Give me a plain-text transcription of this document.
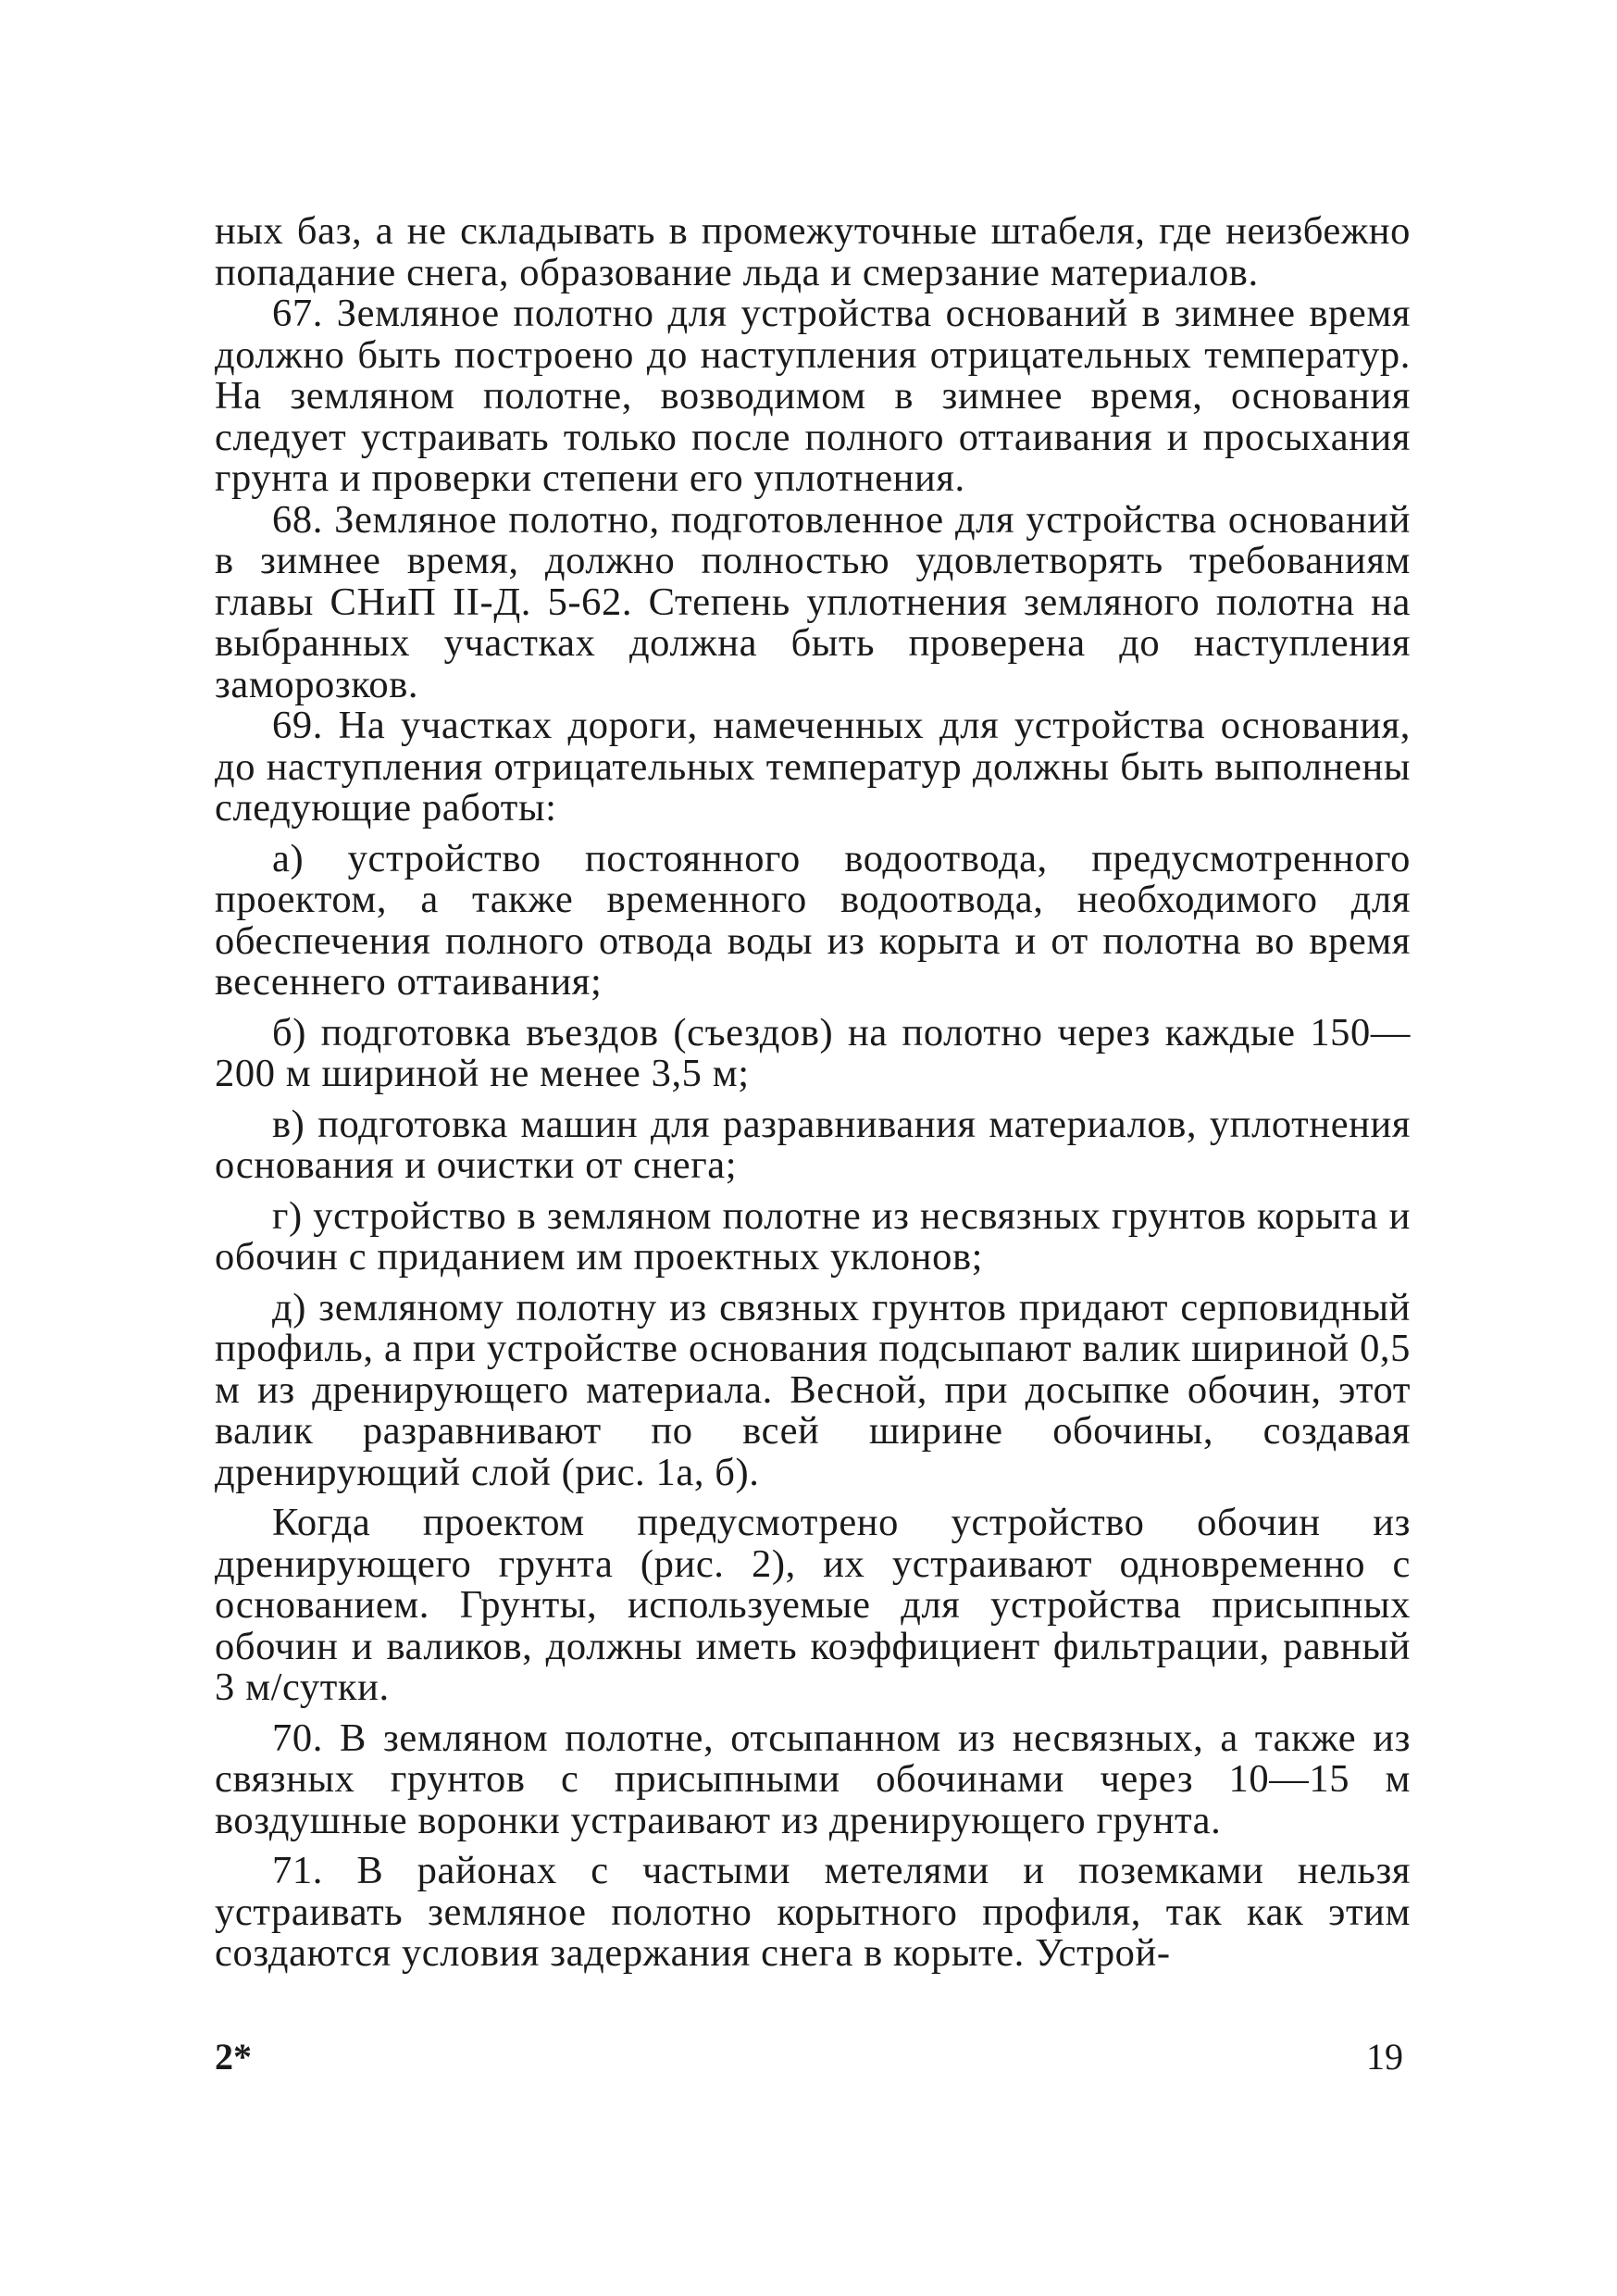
ных баз, а не складывать в промежуточные штабеля, где неизбежно попадание снега, образование льда и смерзание материалов.

67. Земляное полотно для устройства оснований в зимнее время должно быть построено до наступления отрицательных температур. На земляном полотне, возводимом в зимнее время, основания следует устраивать только после полного оттаивания и просыхания грунта и проверки степени его уплотнения.

68. Земляное полотно, подготовленное для устройства оснований в зимнее время, должно полностью удовлетворять требованиям главы СНиП II-Д. 5-62. Степень уплотнения земляного полотна на выбранных участках должна быть проверена до наступления заморозков.

69. На участках дороги, намеченных для устройства основания, до наступления отрицательных температур должны быть выполнены следующие работы:

а) устройство постоянного водоотвода, предусмотренного проектом, а также временного водоотвода, необходимого для обеспечения полного отвода воды из корыта и от полотна во время весеннего оттаивания;

б) подготовка въездов (съездов) на полотно через каждые 150—200 м шириной не менее 3,5 м;

в) подготовка машин для разравнивания материалов, уплотнения основания и очистки от снега;

г) устройство в земляном полотне из несвязных грунтов корыта и обочин с приданием им проектных уклонов;

д) земляному полотну из связных грунтов придают серповидный профиль, а при устройстве основания подсыпают валик шириной 0,5 м из дренирующего материала. Весной, при досыпке обочин, этот валик разравнивают по всей ширине обочины, создавая дренирующий слой (рис. 1а, б).

Когда проектом предусмотрено устройство обочин из дренирующего грунта (рис. 2), их устраивают одновременно с основанием. Грунты, используемые для устройства присыпных обочин и валиков, должны иметь коэффициент фильтрации, равный 3 м/сутки.

70. В земляном полотне, отсыпанном из несвязных, а также из связных грунтов с присыпными обочинами через 10—15 м воздушные воронки устраивают из дренирующего грунта.

71. В районах с частыми метелями и поземками нельзя устраивать земляное полотно корытного профиля, так как этим создаются условия задержания снега в корыте. Устрой-

2*	19
